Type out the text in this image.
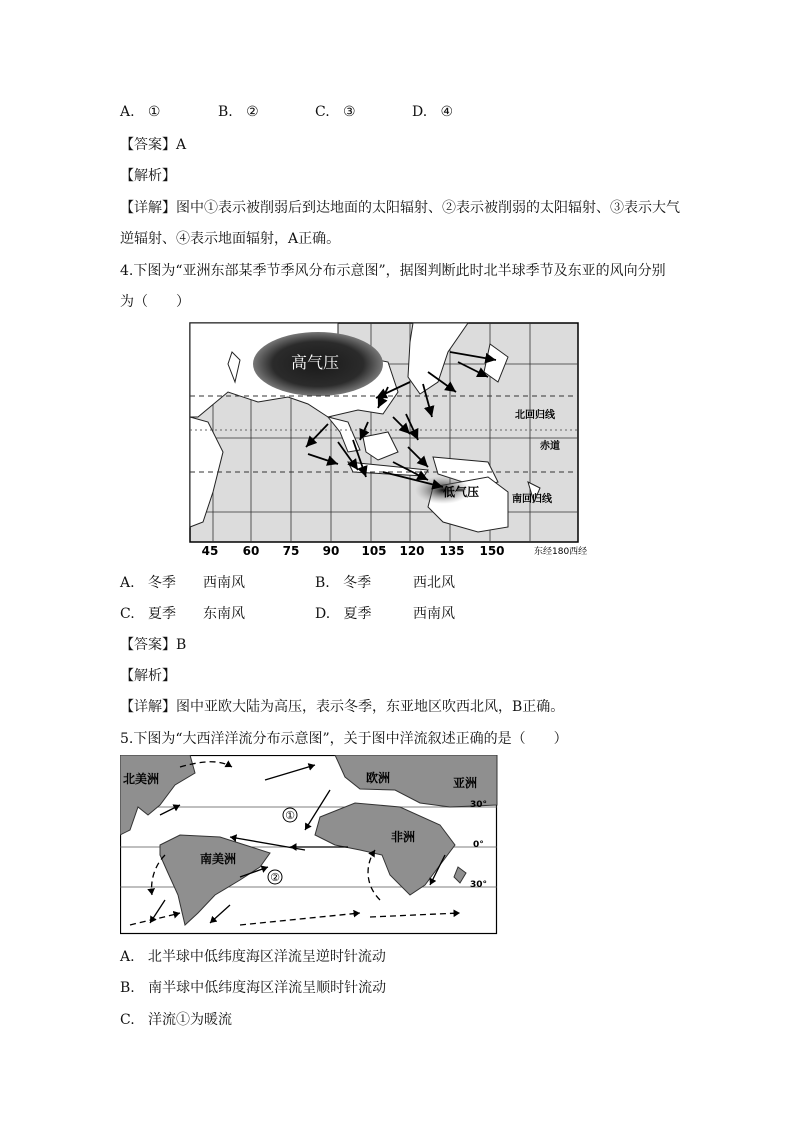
A. ①	B. ②	C. ③	D. ④
【答案】A
【解析】
【详解】图中①表示被削弱后到达地面的太阳辐射、②表示被削弱的太阳辐射、③表示大气
逆辐射、④表示地面辐射，A正确。
4.下图为“亚洲东部某季节季风分布示意图”，据图判断此时北半球季节及东亚的风向分别
为（　　）
高气压
低气压
北回归线
赤道
南回归线
45 60 75 90 105 120 135 150	东经180西经
A. 冬季 西南风	B. 冬季	西北风
C. 夏季 东南风	D. 夏季	西南风
【答案】B
【解析】
【详解】图中亚欧大陆为高压，表示冬季，东亚地区吹西北风，B正确。
5.下图为“大西洋洋流分布示意图”，关于图中洋流叙述正确的是（　　）
北美洲	欧洲	亚洲
非洲
南美洲
30°
0°
30°
①
②
A. 北半球中低纬度海区洋流呈逆时针流动
B. 南半球中低纬度海区洋流呈顺时针流动
C. 洋流①为暖流
